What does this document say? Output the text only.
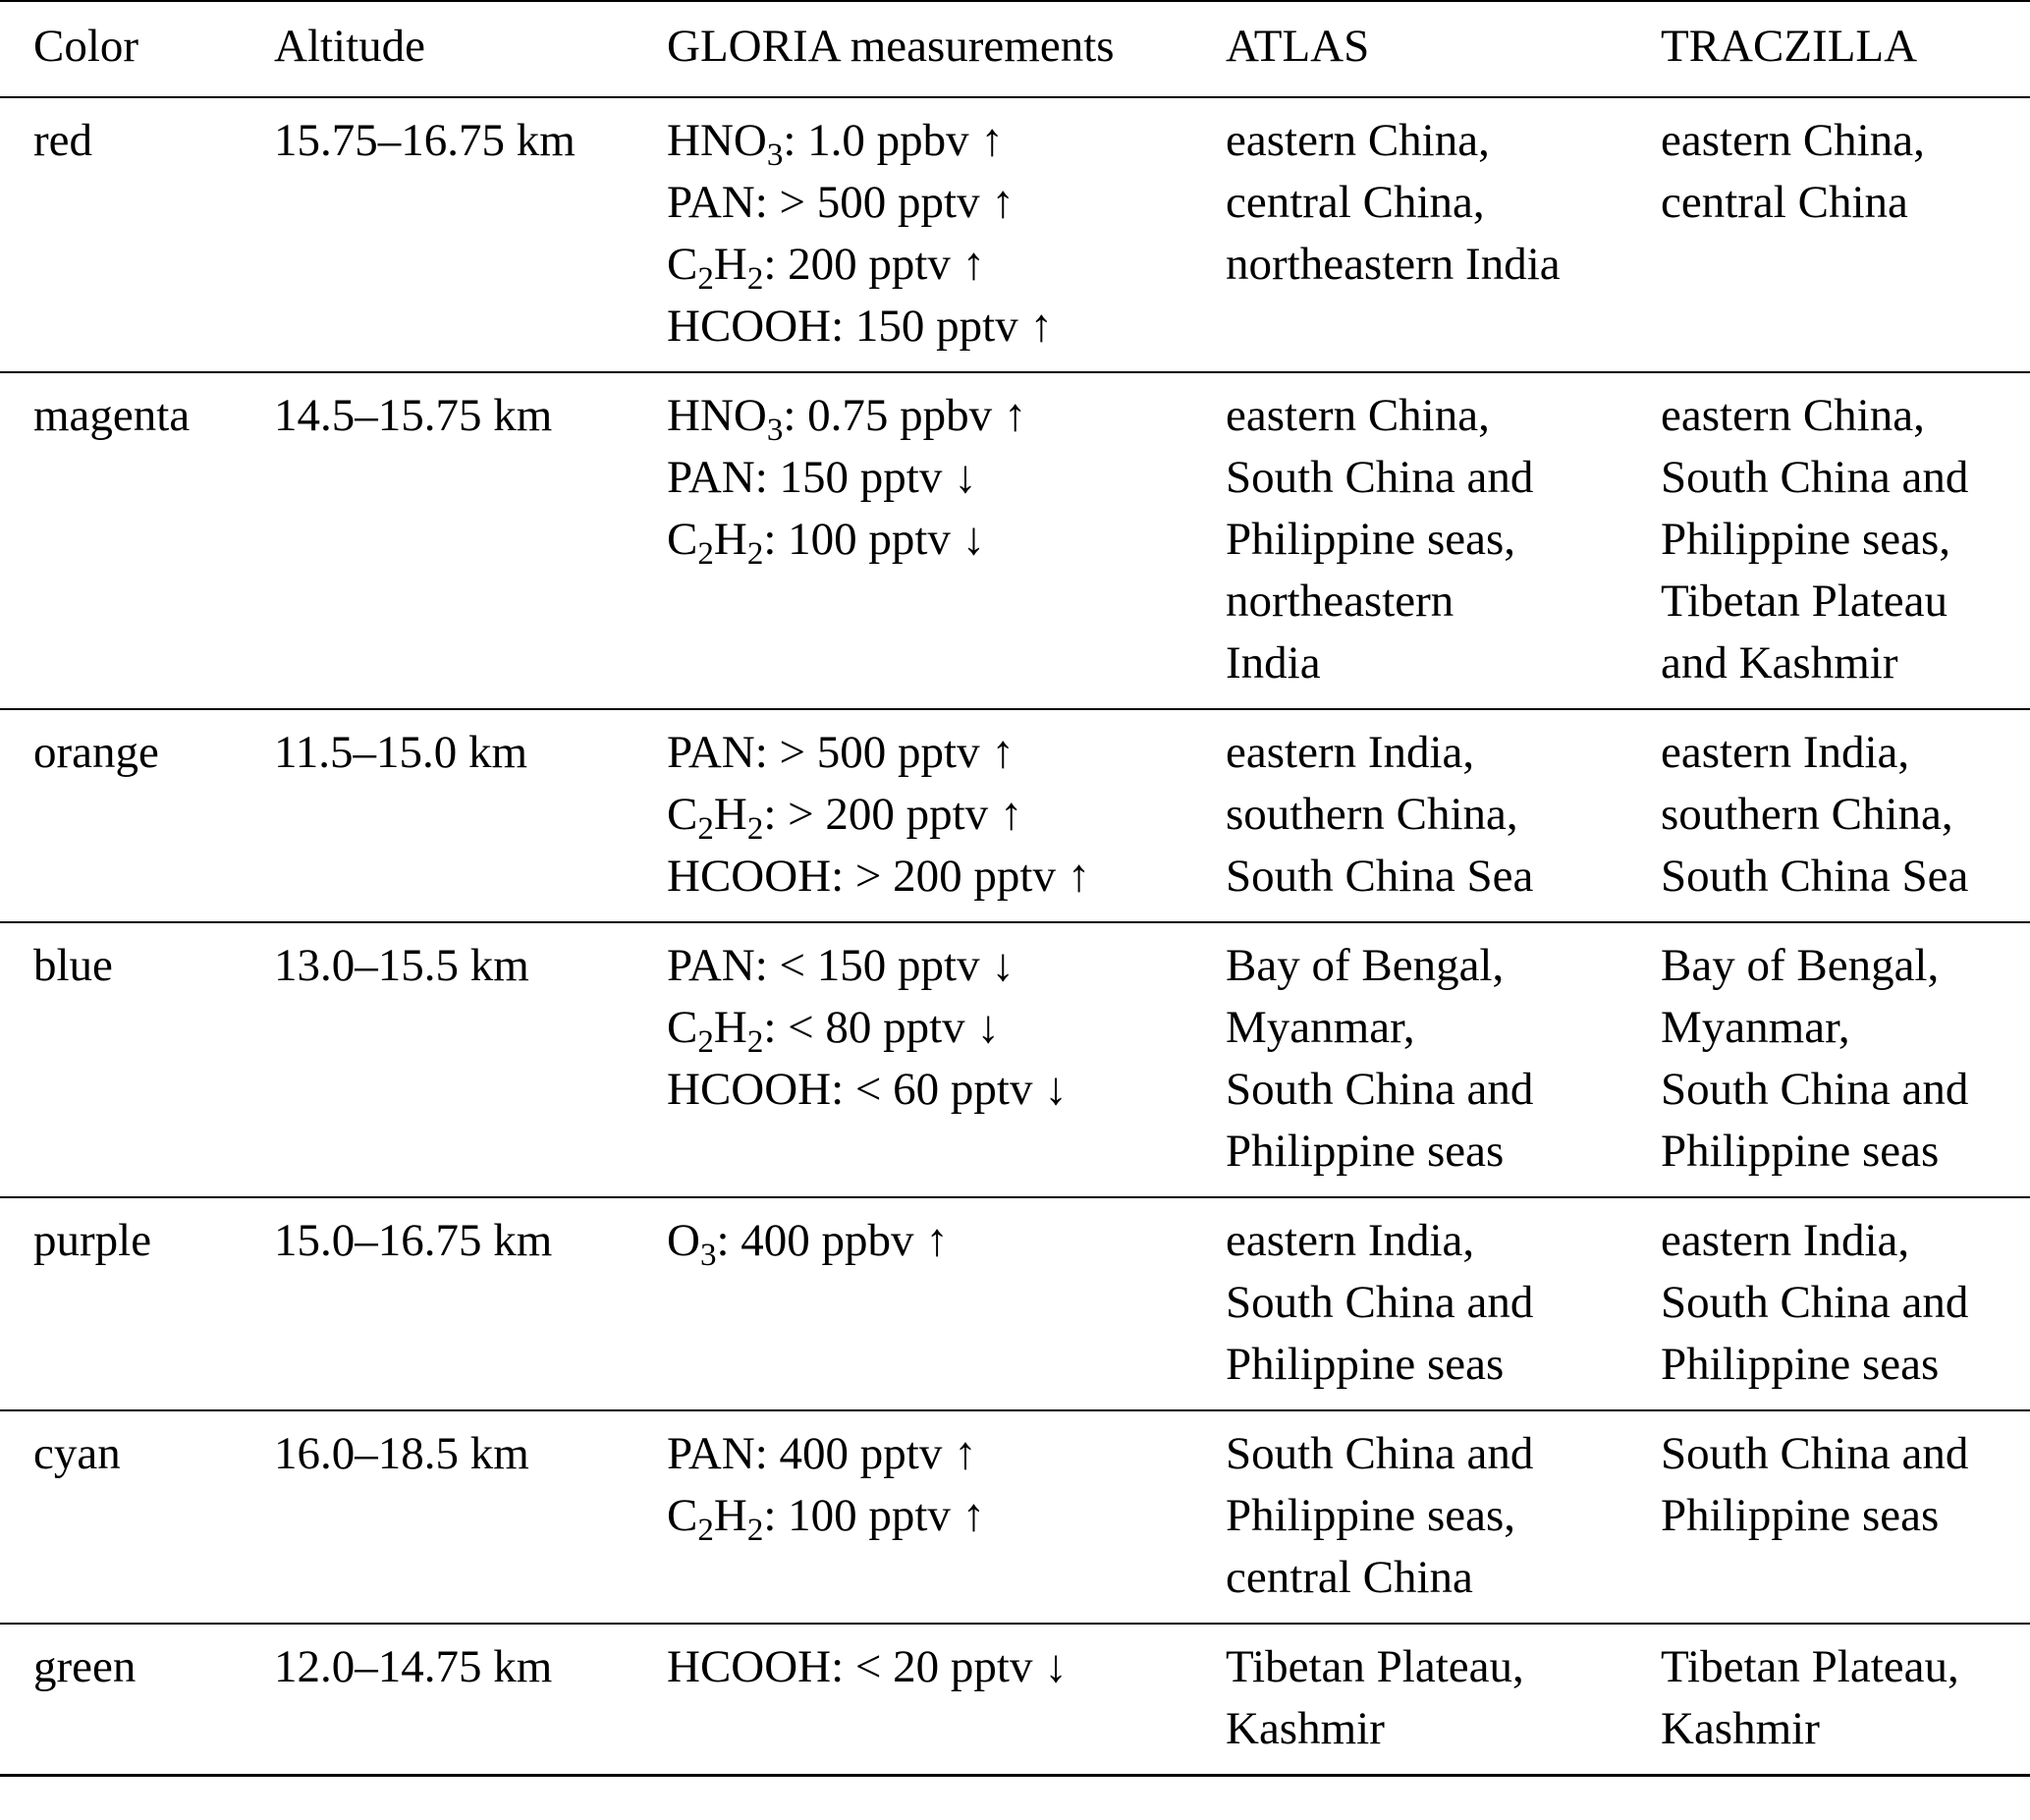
Color	Altitude	GLORIA measurements	ATLAS	TRACZILLA
red	15.75–16.75 km	$HNO_3$: 1.0 ppbv ↑
PAN: > 500 pptv ↑
$C_2H_2$: 200 pptv ↑
HCOOH: 150 pptv ↑	eastern China,
central China,
northeastern India	eastern China,
central China

magenta	14.5–15.75 km	$HNO_3$: 0.75 ppbv ↑
PAN: 150 pptv ↓
$C_2H_2$: 100 pptv ↓	eastern China,
South China and
Philippine seas,
northeastern
India	eastern China,
South China and
Philippine seas,
Tibetan Plateau
and Kashmir

orange	11.5–15.0 km	PAN: > 500 pptv ↑
$C_2H_2$: > 200 pptv ↑
HCOOH: > 200 pptv ↑	eastern India,
southern China,
South China Sea	eastern India,
southern China,
South China Sea

blue	13.0–15.5 km	PAN: < 150 pptv ↓
$C_2H_2$: < 80 pptv ↓
HCOOH: < 60 pptv ↓	Bay of Bengal,
Myanmar,
South China and
Philippine seas	Bay of Bengal,
Myanmar,
South China and
Philippine seas

purple	15.0–16.75 km	$O_3$: 400 ppbv ↑	eastern India,
South China and
Philippine seas	eastern India,
South China and
Philippine seas

cyan	16.0–18.5 km	PAN: 400 pptv ↑
$C_2H_2$: 100 pptv ↑	South China and
Philippine seas,
central China	South China and
Philippine seas

green	12.0–14.75 km	HCOOH: < 20 pptv ↓	Tibetan Plateau,
Kashmir	Tibetan Plateau,
Kashmir
